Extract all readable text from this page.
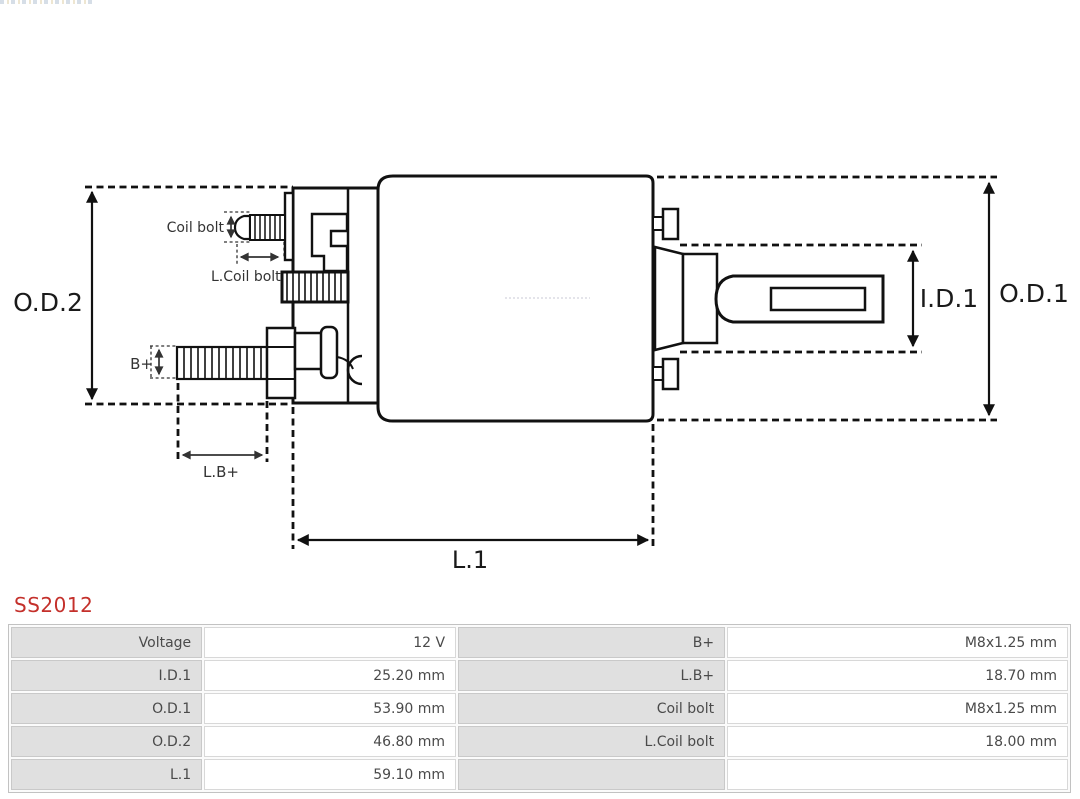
O.D.2	O.D.1
I.D.1
L.1
Coil bolt
L.Coil bolt
B+
L.B+
SS2012
Voltage	12 V	B+	M8x1.25 mm
I.D.1	25.20 mm	L.B+	18.70 mm
O.D.1	53.90 mm	Coil bolt	M8x1.25 mm
O.D.2	46.80 mm	L.Coil bolt	18.00 mm
L.1	59.10 mm		
